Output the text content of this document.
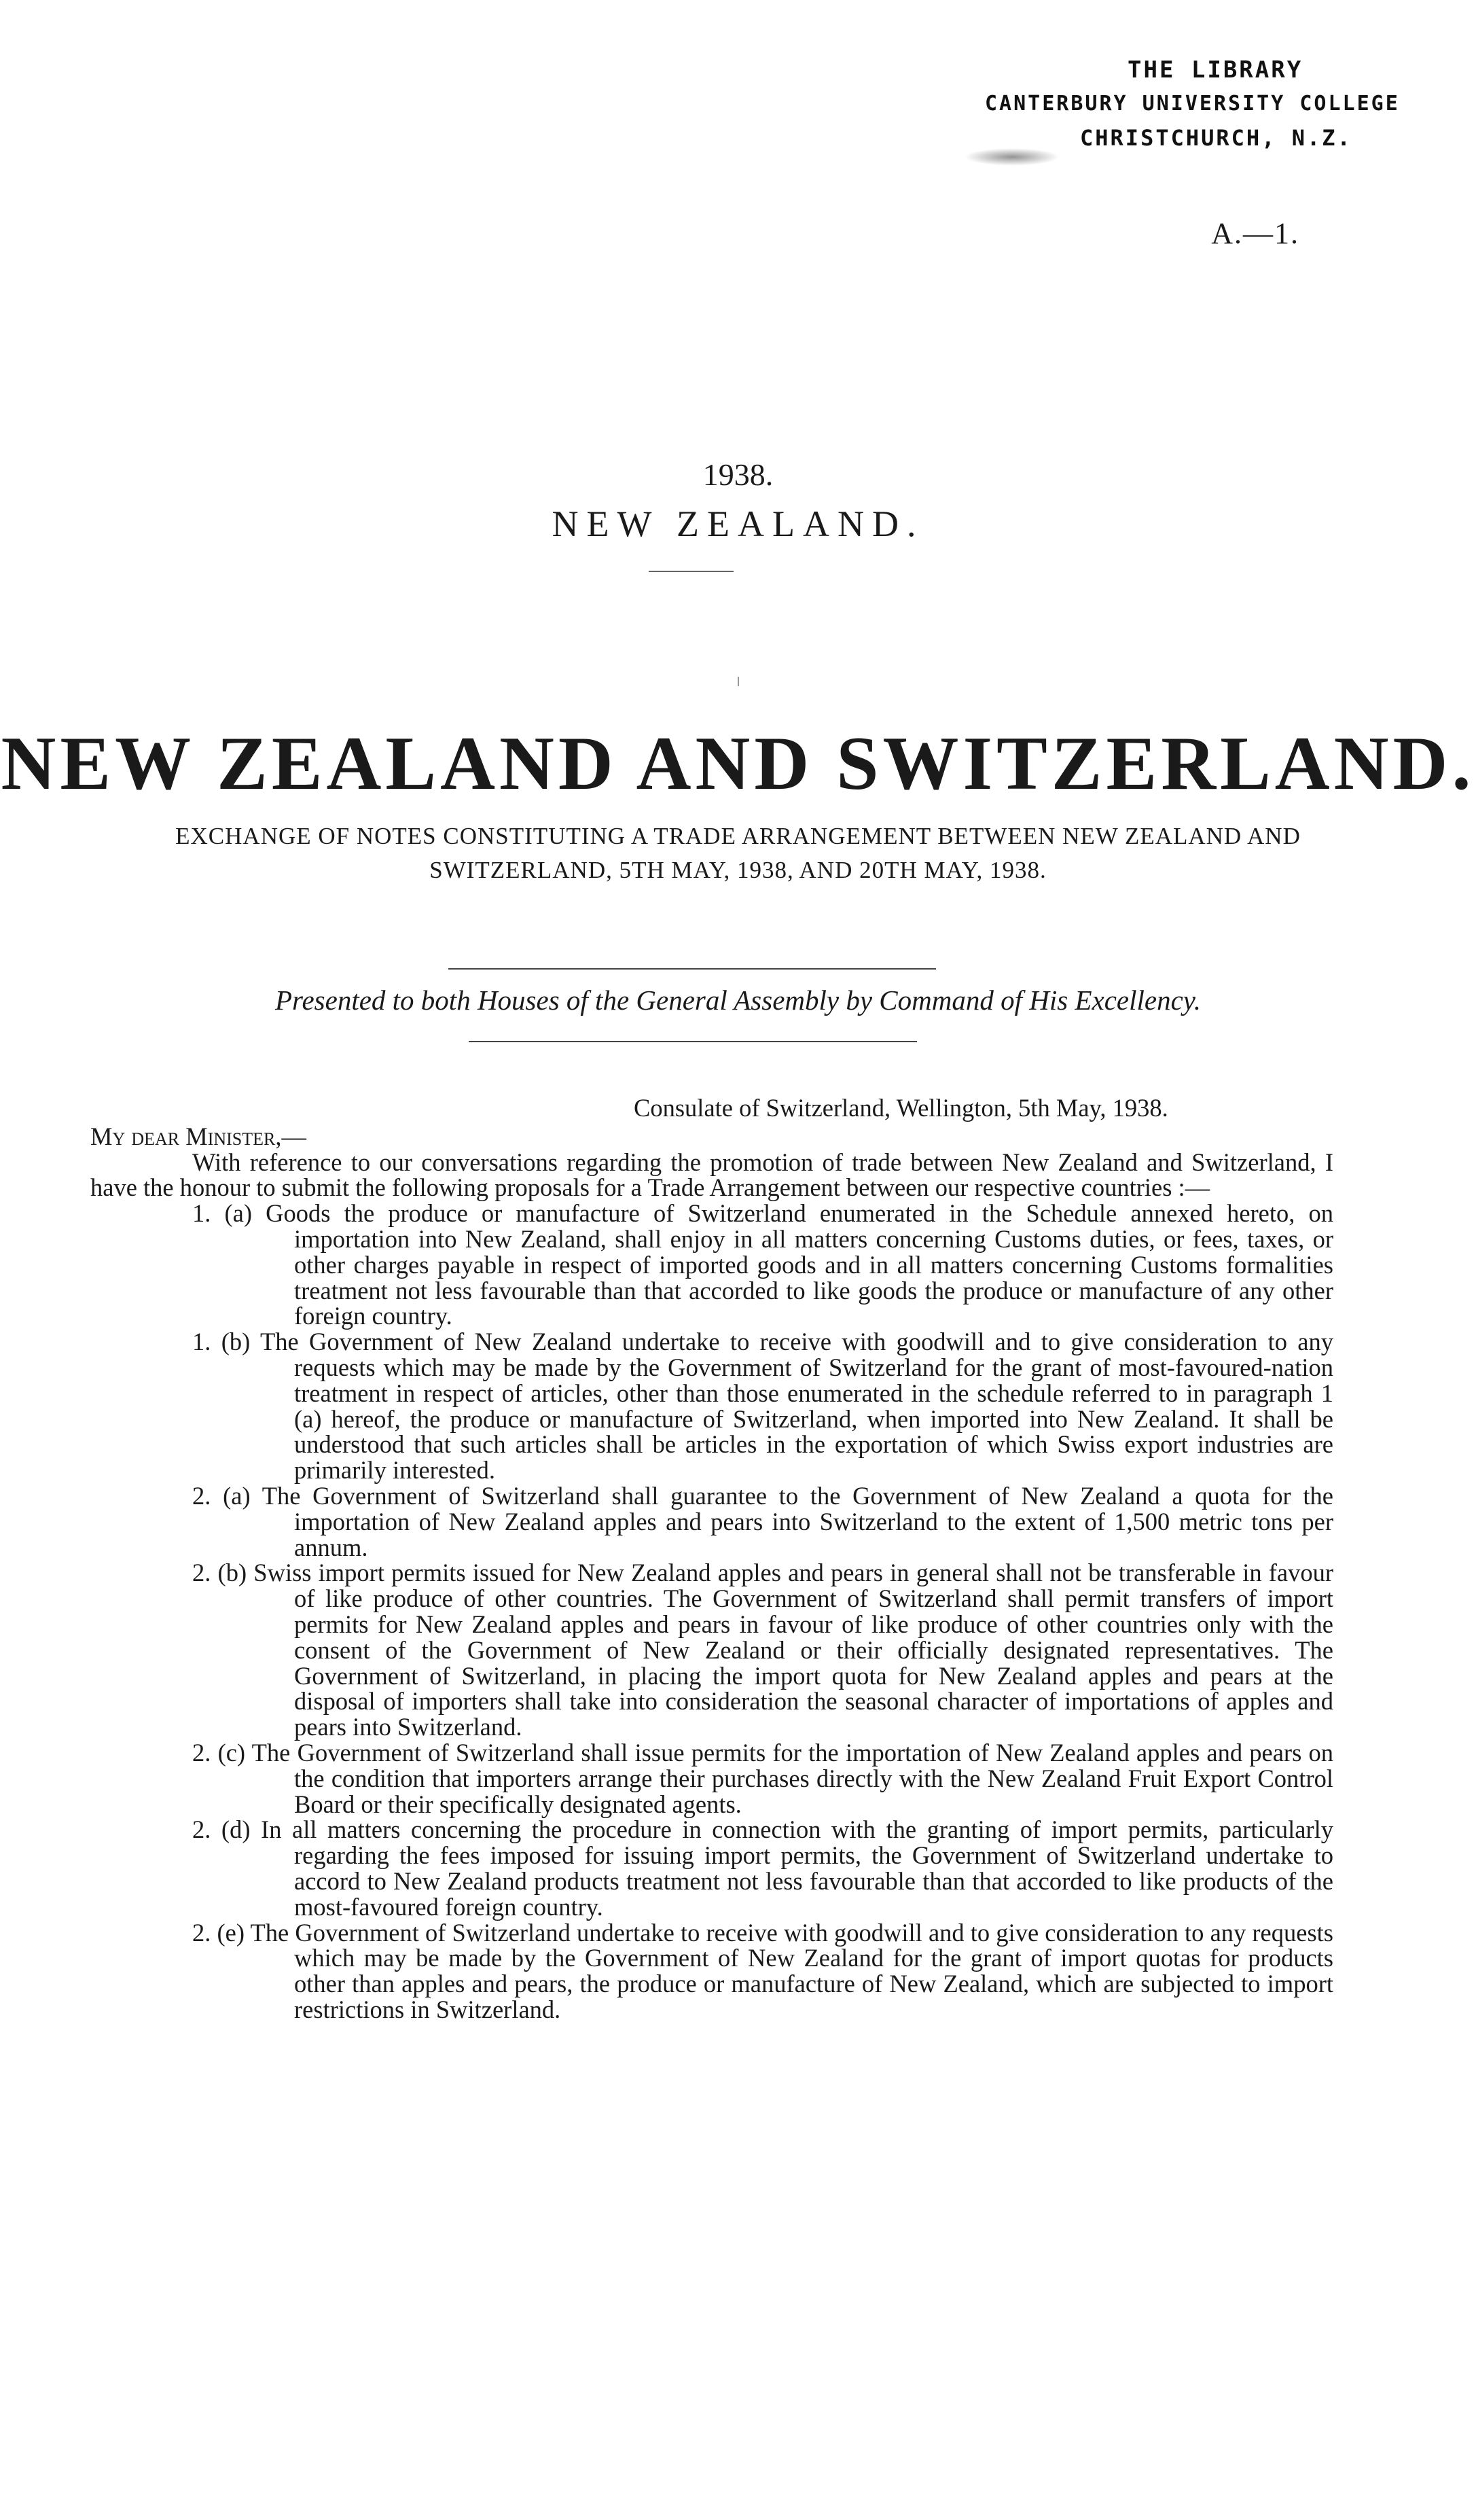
THE LIBRARY
CANTERBURY UNIVERSITY COLLEGE
CHRISTCHURCH, N.Z.
A.—1.
1938.
NEW ZEALAND.
NEW ZEALAND AND SWITZERLAND.
EXCHANGE OF NOTES CONSTITUTING A TRADE ARRANGEMENT BETWEEN NEW ZEALAND AND SWITZERLAND, 5TH MAY, 1938, AND 20TH MAY, 1938.
Presented to both Houses of the General Assembly by Command of His Excellency.
Consulate of Switzerland, Wellington, 5th May, 1938.
My dear Minister,—
With reference to our conversations regarding the promotion of trade between New Zealand and Switzerland, I have the honour to submit the following proposals for a Trade Arrangement between our respective countries :—
1. (a) Goods the produce or manufacture of Switzerland enumerated in the Schedule annexed hereto, on importation into New Zealand, shall enjoy in all matters concerning Customs duties, or fees, taxes, or other charges payable in respect of imported goods and in all matters concerning Customs formalities treatment not less favourable than that accorded to like goods the produce or manufacture of any other foreign country.
1. (b) The Government of New Zealand undertake to receive with goodwill and to give consideration to any requests which may be made by the Government of Switzerland for the grant of most-favoured-nation treatment in respect of articles, other than those enumerated in the schedule referred to in paragraph 1 (a) hereof, the produce or manufacture of Switzerland, when imported into New Zealand. It shall be understood that such articles shall be articles in the exportation of which Swiss export industries are primarily interested.
2. (a) The Government of Switzerland shall guarantee to the Government of New Zealand a quota for the importation of New Zealand apples and pears into Switzerland to the extent of 1,500 metric tons per annum.
2. (b) Swiss import permits issued for New Zealand apples and pears in general shall not be transferable in favour of like produce of other countries. The Government of Switzerland shall permit transfers of import permits for New Zealand apples and pears in favour of like produce of other countries only with the consent of the Government of New Zealand or their officially designated representatives. The Government of Switzerland, in placing the import quota for New Zealand apples and pears at the disposal of importers shall take into consideration the seasonal character of importations of apples and pears into Switzerland.
2. (c) The Government of Switzerland shall issue permits for the importation of New Zealand apples and pears on the condition that importers arrange their purchases directly with the New Zealand Fruit Export Control Board or their specifically designated agents.
2. (d) In all matters concerning the procedure in connection with the granting of import permits, particularly regarding the fees imposed for issuing import permits, the Government of Switzerland undertake to accord to New Zealand products treatment not less favourable than that accorded to like products of the most-favoured foreign country.
2. (e) The Government of Switzerland undertake to receive with goodwill and to give consideration to any requests which may be made by the Government of New Zealand for the grant of import quotas for products other than apples and pears, the produce or manufacture of New Zealand, which are subjected to import restrictions in Switzerland.
